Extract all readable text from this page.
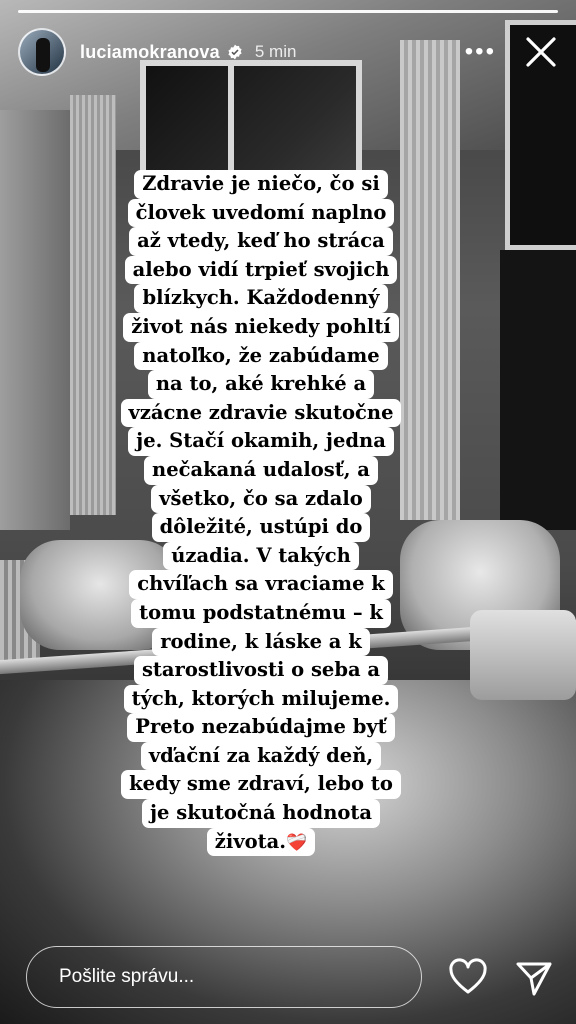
luciamokranova 5 min	•••
Zdravie je niečo, čo si
človek uvedomí naplno
až vtedy, keď ho stráca
alebo vidí trpieť svojich
blízkych. Každodenný
život nás niekedy pohltí
natoľko, že zabúdame
na to, aké krehké a
vzácne zdravie skutočne
je. Stačí okamih, jedna
nečakaná udalosť, a
všetko, čo sa zdalo
dôležité, ustúpi do
úzadia. V takých
chvíľach sa vraciame k
tomu podstatnému – k
rodine, k láske a k
starostlivosti o seba a
tých, ktorých milujeme.
Preto nezabúdajme byť
vďační za každý deň,
kedy sme zdraví, lebo to
je skutočná hodnota
života.❤️‍🩹
Pošlite správu...
